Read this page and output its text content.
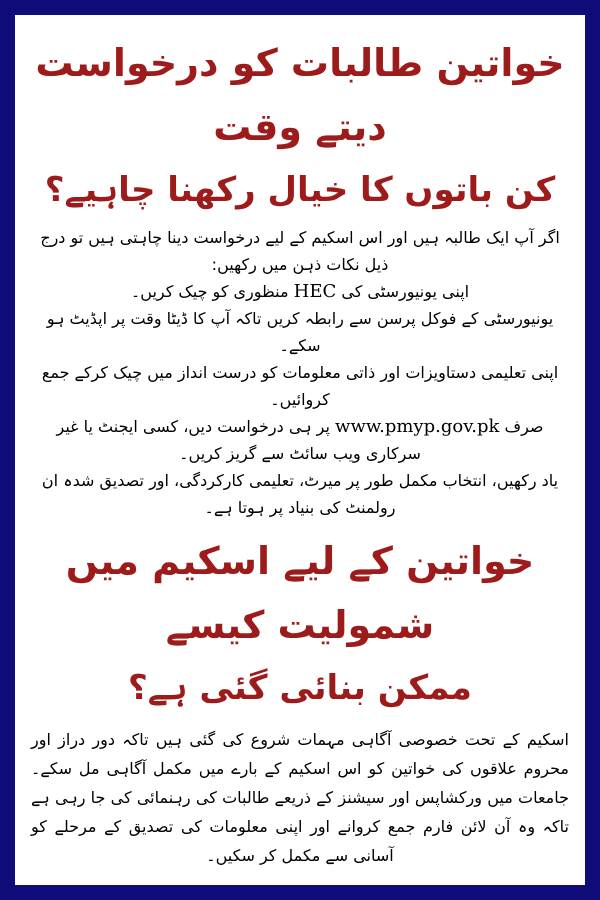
خواتین طالبات کو درخواست دیتے وقت
کن باتوں کا خیال رکھنا چاہیے؟

اگر آپ ایک طالبہ ہیں اور اس اسکیم کے لیے درخواست دینا چاہتی ہیں تو درج ذیل نکات ذہن میں رکھیں:

اپنی یونیورسٹی کی HEC منظوری کو چیک کریں۔

یونیورسٹی کے فوکل پرسن سے رابطہ کریں تاکہ آپ کا ڈیٹا وقت پر اپڈیٹ ہو سکے۔

اپنی تعلیمی دستاویزات اور ذاتی معلومات کو درست انداز میں چیک کرکے جمع کروائیں۔

صرف www.pmyp.gov.pk پر ہی درخواست دیں، کسی ایجنٹ یا غیر سرکاری ویب سائٹ سے گریز کریں۔

یاد رکھیں، انتخاب مکمل طور پر میرٹ، تعلیمی کارکردگی، اور تصدیق شدہ ان رولمنٹ کی بنیاد پر ہوتا ہے۔

خواتین کے لیے اسکیم میں شمولیت کیسے
ممکن بنائی گئی ہے؟

اسکیم کے تحت خصوصی آگاہی مہمات شروع کی گئی ہیں تاکہ دور دراز اور محروم علاقوں کی خواتین کو اس اسکیم کے بارے میں مکمل آگاہی مل سکے۔ جامعات میں ورکشاپس اور سیشنز کے ذریعے طالبات کی رہنمائی کی جا رہی ہے تاکہ وہ آن لائن فارم جمع کروانے اور اپنی معلومات کی تصدیق کے مرحلے کو آسانی سے مکمل کر سکیں۔
